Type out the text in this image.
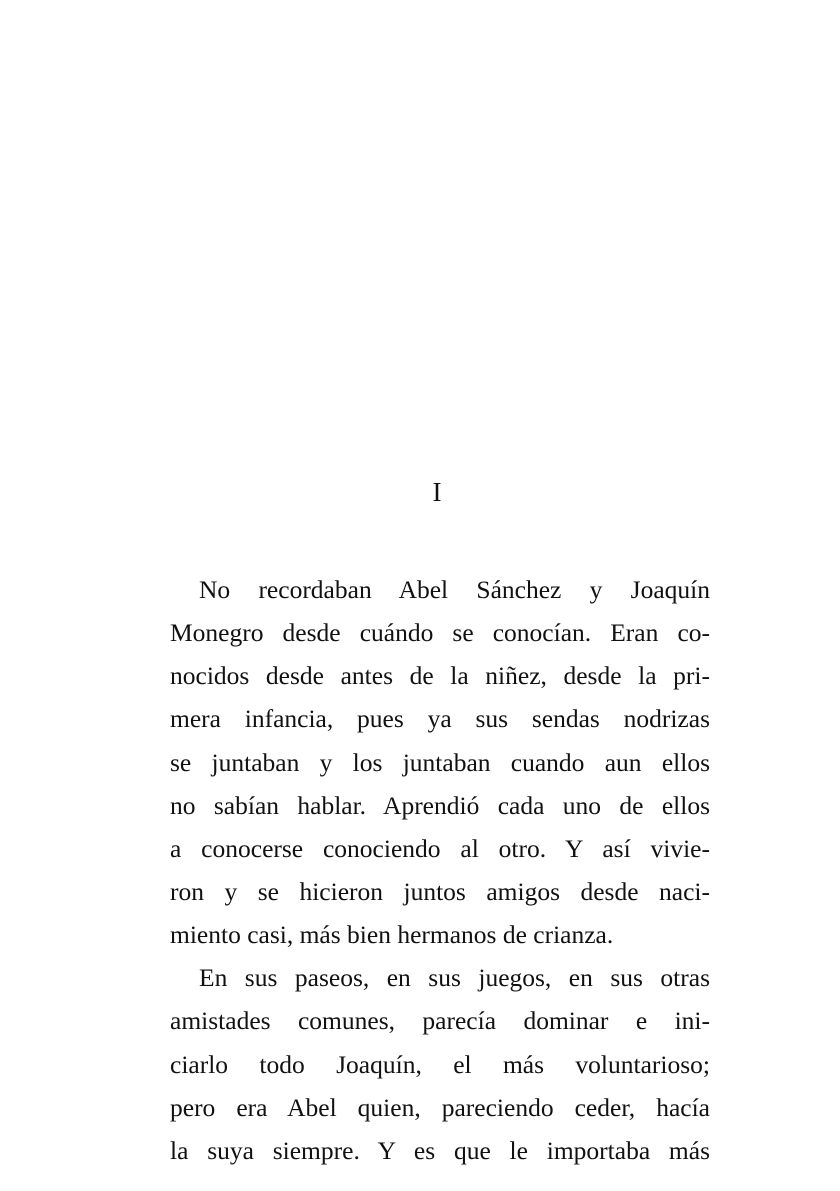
I

No recordaban Abel Sánchez y Joaquín
Monegro desde cuándo se conocían. Eran co-
nocidos desde antes de la niñez, desde la pri-
mera infancia, pues ya sus sendas nodrizas
se juntaban y los juntaban cuando aun ellos
no sabían hablar. Aprendió cada uno de ellos
a conocerse conociendo al otro. Y así vivie-
ron y se hicieron juntos amigos desde naci-
miento casi, más bien hermanos de crianza.

En sus paseos, en sus juegos, en sus otras
amistades comunes, parecía dominar e ini-
ciarlo todo Joaquín, el más voluntarioso;
pero era Abel quien, pareciendo ceder, hacía
la suya siempre. Y es que le importaba más
